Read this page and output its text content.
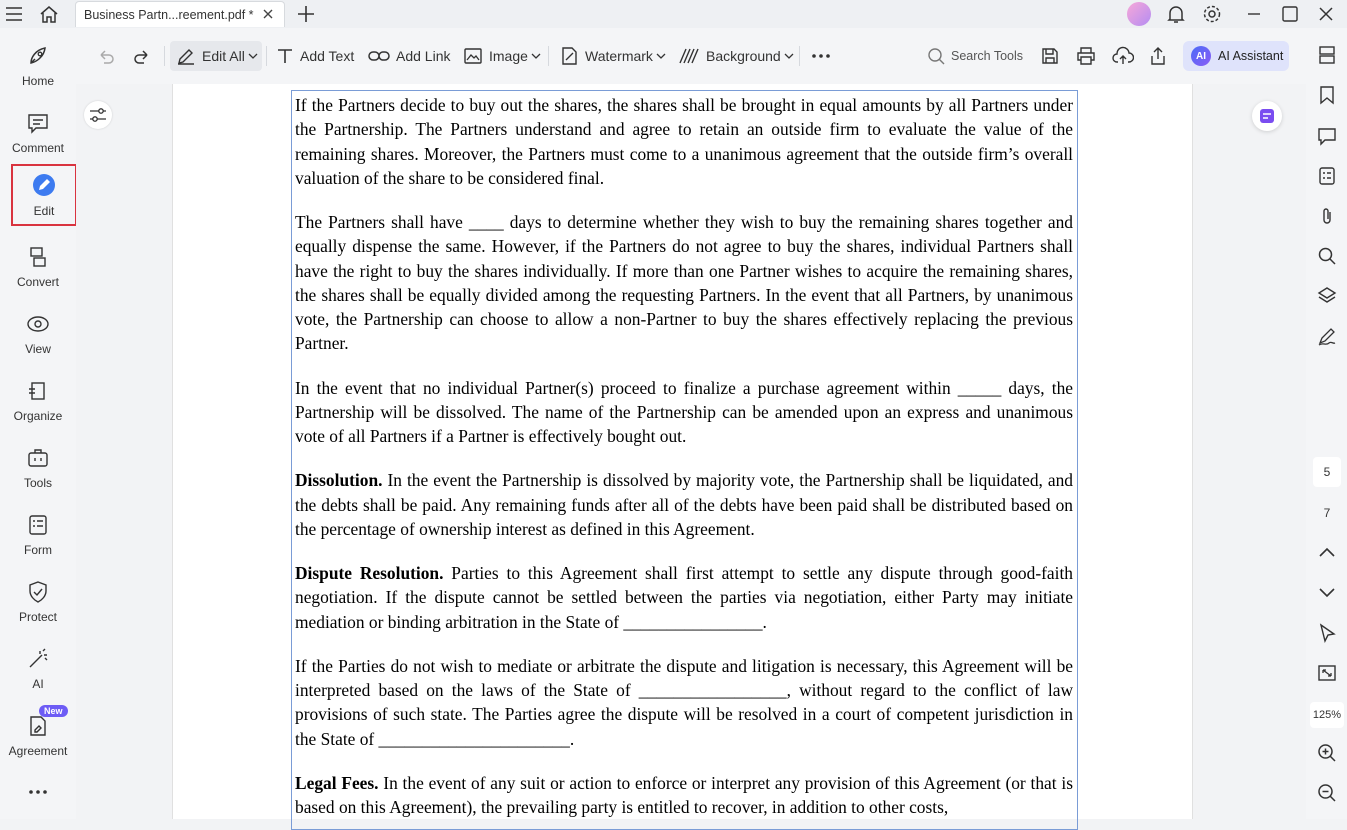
Business Partn...reement.pdf *
Home
Comment
Edit
Convert
View
Organize
Tools
Form
Protect
AI
Agreement
New
Edit All	Add Text	Add Link	Image	Watermark	Background	Search Tools	AI AI Assistant

If the Partners decide to buy out the shares, the shares shall be brought in equal amounts by all Partners under the Partnership. The Partners understand and agree to retain an outside firm to evaluate the value of the remaining shares. Moreover, the Partners must come to a unanimous agreement that the outside firm’s overall valuation of the share to be considered final.

The Partners shall have ____ days to determine whether they wish to buy the remaining shares together and equally dispense the same. However, if the Partners do not agree to buy the shares, individual Partners shall have the right to buy the shares individually. If more than one Partner wishes to acquire the remaining shares, the shares shall be equally divided among the requesting Partners. In the event that all Partners, by unanimous vote, the Partnership can choose to allow a non-Partner to buy the shares effectively replacing the previous Partner.

In the event that no individual Partner(s) proceed to finalize a purchase agreement within _____ days, the Partnership will be dissolved. The name of the Partnership can be amended upon an express and unanimous vote of all Partners if a Partner is effectively bought out.

Dissolution. In the event the Partnership is dissolved by majority vote, the Partnership shall be liquidated, and the debts shall be paid. Any remaining funds after all of the debts have been paid shall be distributed based on the percentage of ownership interest as defined in this Agreement.

Dispute Resolution. Parties to this Agreement shall first attempt to settle any dispute through good-faith negotiation. If the dispute cannot be settled between the parties via negotiation, either Party may initiate mediation or binding arbitration in the State of ________________.

If the Parties do not wish to mediate or arbitrate the dispute and litigation is necessary, this Agreement will be interpreted based on the laws of the State of _________________, without regard to the conflict of law provisions of such state. The Parties agree the dispute will be resolved in a court of competent jurisdiction in the State of ______________________.

Legal Fees. In the event of any suit or action to enforce or interpret any provision of this Agreement (or that is based on this Agreement), the prevailing party is entitled to recover, in addition to other costs,

5
7
125%
